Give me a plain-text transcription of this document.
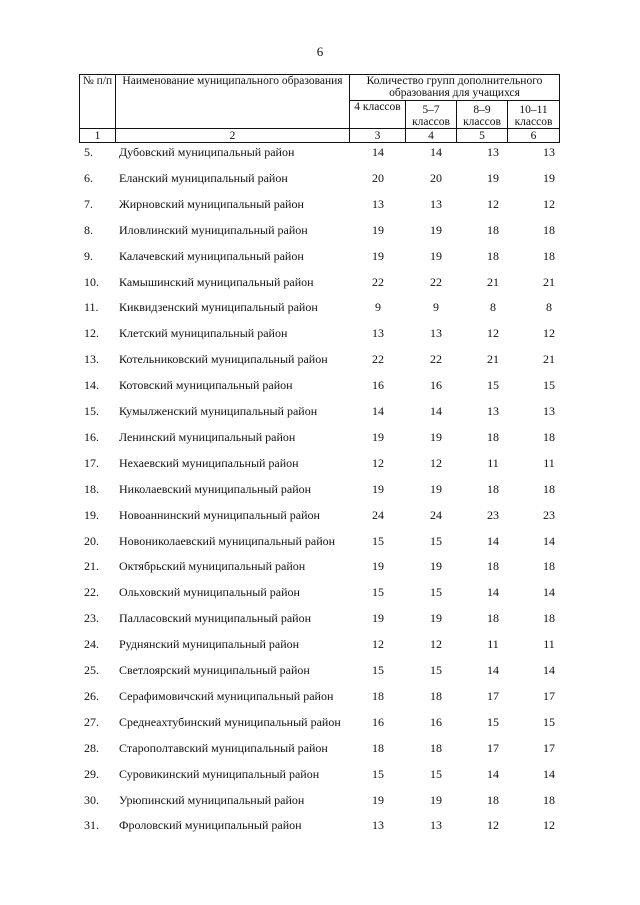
6
№ п/п	Наименование муниципального образования	Количество групп дополнительного образования для учащихся			
		4 классов	5–7 классов	8–9 классов	10–11 классов
1	2	3	4	5	6
5.	Дубовский муниципальный район	14	14	13	13
6.	Еланский муниципальный район	20	20	19	19
7.	Жирновский муниципальный район	13	13	12	12
8.	Иловлинский муниципальный район	19	19	18	18
9.	Калачевский муниципальный район	19	19	18	18
10.	Камышинский муниципальный район	22	22	21	21
11.	Киквидзенский муниципальный район	9	9	8	8
12.	Клетский муниципальный район	13	13	12	12
13.	Котельниковский муниципальный район	22	22	21	21
14.	Котовский муниципальный район	16	16	15	15
15.	Кумылженский муниципальный район	14	14	13	13
16.	Ленинский муниципальный район	19	19	18	18
17.	Нехаевский муниципальный район	12	12	11	11
18.	Николаевский муниципальный район	19	19	18	18
19.	Новоаннинский муниципальный район	24	24	23	23
20.	Новониколаевский муниципальный район	15	15	14	14
21.	Октябрьский муниципальный район	19	19	18	18
22.	Ольховский муниципальный район	15	15	14	14
23.	Палласовский муниципальный район	19	19	18	18
24.	Руднянский муниципальный район	12	12	11	11
25.	Светлоярский муниципальный район	15	15	14	14
26.	Серафимовичский муниципальный район	18	18	17	17
27.	Среднеахтубинский муниципальный район	16	16	15	15
28.	Старополтавский муниципальный район	18	18	17	17
29.	Суровикинский муниципальный район	15	15	14	14
30.	Урюпинский муниципальный район	19	19	18	18
31.	Фроловский муниципальный район	13	13	12	12
